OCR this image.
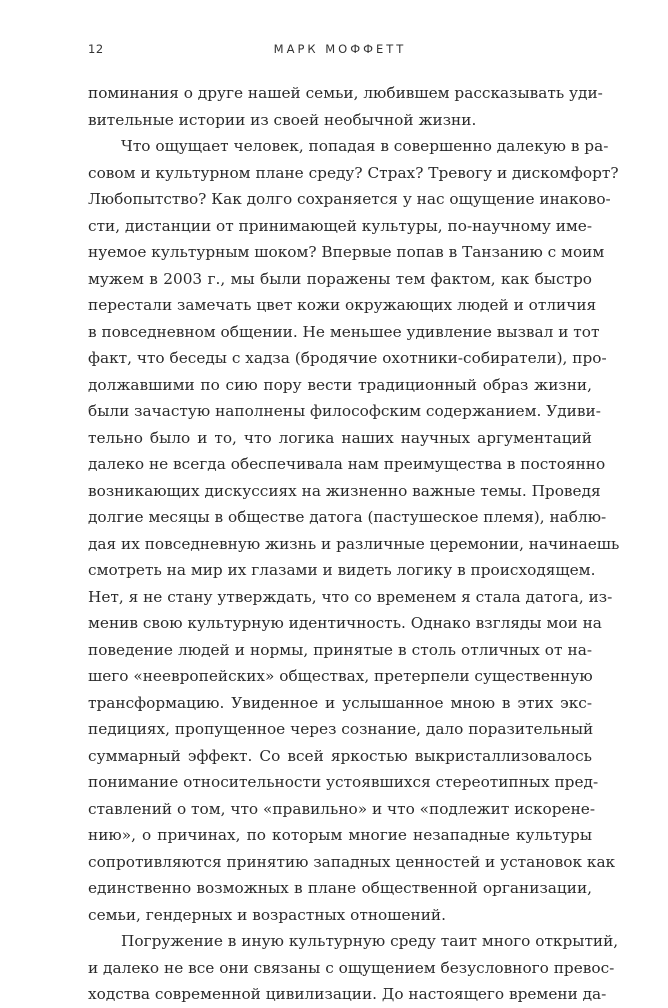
12	МАРК МОФФЕТТ
поминания о друге нашей семьи, любившем рассказывать уди-
вительные истории из своей необычной жизни.
Что ощущает человек, попадая в совершенно далекую в ра-
совом и культурном плане среду? Страх? Тревогу и дискомфорт?
Любопытство? Как долго сохраняется у нас ощущение инаково-
сти, дистанции от принимающей культуры, по-научному име-
нуемое культурным шоком? Впервые попав в Танзанию с моим
мужем в 2003 г., мы были поражены тем фактом, как быстро
перестали замечать цвет кожи окружающих людей и отличия
в повседневном общении. Не меньшее удивление вызвал и тот
факт, что беседы с хадза (бродячие охотники-собиратели), про-
должавшими по сию пору вести традиционный образ жизни,
были зачастую наполнены философским содержанием. Удиви-
тельно было и то, что логика наших научных аргументаций
далеко не всегда обеспечивала нам преимущества в постоянно
возникающих дискуссиях на жизненно важные темы. Проведя
долгие месяцы в обществе датога (пастушеское племя), наблю-
дая их повседневную жизнь и различные церемонии, начинаешь
смотреть на мир их глазами и видеть логику в происходящем.
Нет, я не стану утверждать, что со временем я стала датога, из-
менив свою культурную идентичность. Однако взгляды мои на
поведение людей и нормы, принятые в столь отличных от на-
шего «неевропейских» обществах, претерпели существенную
трансформацию. Увиденное и услышанное мною в этих экс-
педициях, пропущенное через сознание, дало поразительный
суммарный эффект. Со всей яркостью выкристаллизовалось
понимание относительности устоявшихся стереотипных пред-
ставлений о том, что «правильно» и что «подлежит искорене-
нию», о причинах, по которым многие незападные культуры
сопротивляются принятию западных ценностей и установок как
единственно возможных в плане общественной организации,
семьи, гендерных и возрастных отношений.
Погружение в иную культурную среду таит много открытий,
и далеко не все они связаны с ощущением безусловного превос-
ходства современной цивилизации. До настоящего времени да-
